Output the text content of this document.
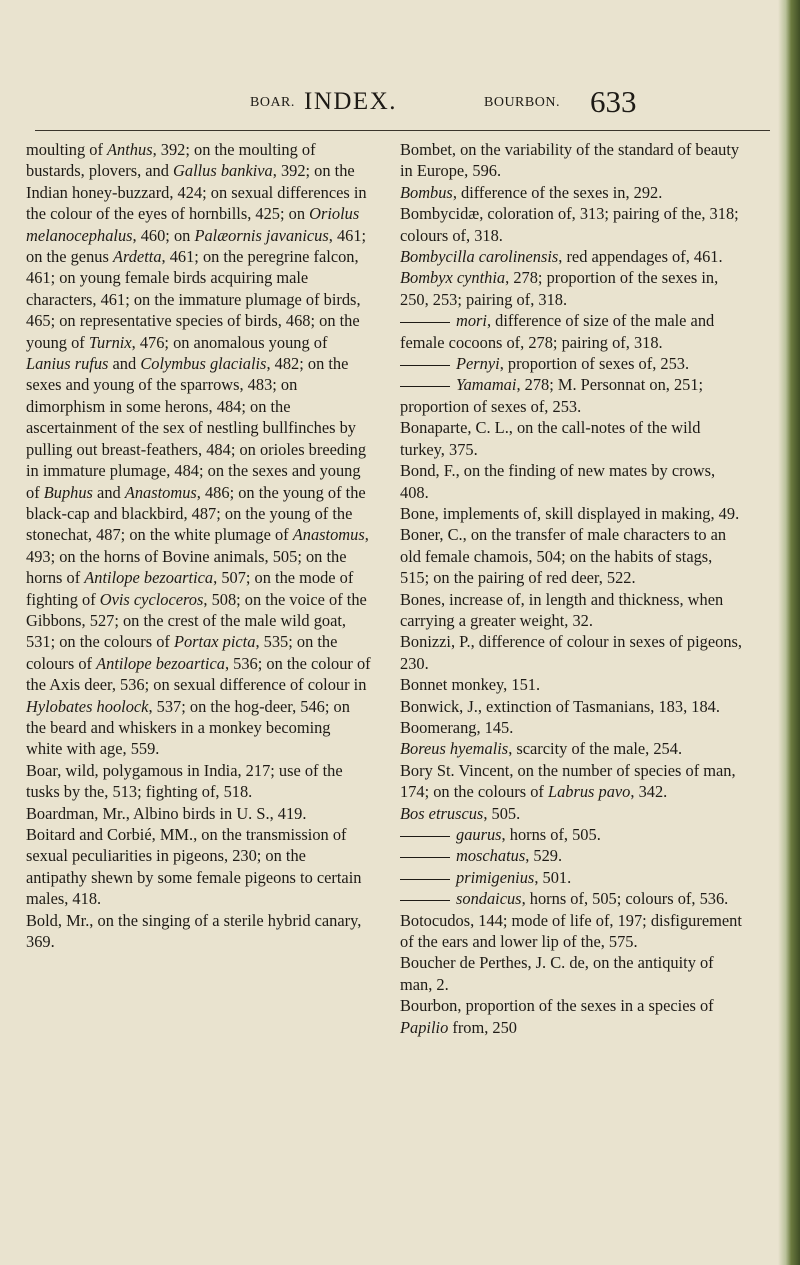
BOAR. INDEX.	BOURBON. 633
moulting of Anthus, 392; on the moulting of bustards, plovers, and Gallus bankiva, 392; on the Indian honey-buzzard, 424; on sexual differences in the colour of the eyes of hornbills, 425; on Oriolus melanocephalus, 460; on Palæornis javanicus, 461; on the genus Ardetta, 461; on the peregrine falcon, 461; on young female birds acquiring male characters, 461; on the immature plumage of birds, 465; on representative species of birds, 468; on the young of Turnix, 476; on anomalous young of Lanius rufus and Colymbus glacialis, 482; on the sexes and young of the sparrows, 483; on dimorphism in some herons, 484; on the ascertainment of the sex of nestling bullfinches by pulling out breast-feathers, 484; on orioles breeding in immature plumage, 484; on the sexes and young of Buphus and Anastomus, 486; on the young of the black-cap and blackbird, 487; on the young of the stonechat, 487; on the white plumage of Anastomus, 493; on the horns of Bovine animals, 505; on the horns of Antilope bezoartica, 507; on the mode of fighting of Ovis cycloceros, 508; on the voice of the Gibbons, 527; on the crest of the male wild goat, 531; on the colours of Portax picta, 535; on the colours of Antilope bezoartica, 536; on the colour of the Axis deer, 536; on sexual difference of colour in Hylobates hoolock, 537; on the hog-deer, 546; on the beard and whiskers in a monkey becoming white with age, 559.
Boar, wild, polygamous in India, 217; use of the tusks by the, 513; fighting of, 518.
Boardman, Mr., Albino birds in U. S., 419.
Boitard and Corbié, MM., on the transmission of sexual peculiarities in pigeons, 230; on the antipathy shewn by some female pigeons to certain males, 418.
Bold, Mr., on the singing of a sterile hybrid canary, 369.
Bombet, on the variability of the standard of beauty in Europe, 596.
Bombus, difference of the sexes in, 292.
Bombycidæ, coloration of, 313; pairing of the, 318; colours of, 318.
Bombycilla carolinensis, red appendages of, 461.
Bombyx cynthia, 278; proportion of the sexes in, 250, 253; pairing of, 318.
mori, difference of size of the male and female cocoons of, 278; pairing of, 318.
Pernyi, proportion of sexes of, 253.
Yamamai, 278; M. Personnat on, 251; proportion of sexes of, 253.
Bonaparte, C. L., on the call-notes of the wild turkey, 375.
Bond, F., on the finding of new mates by crows, 408.
Bone, implements of, skill displayed in making, 49.
Boner, C., on the transfer of male characters to an old female chamois, 504; on the habits of stags, 515; on the pairing of red deer, 522.
Bones, increase of, in length and thickness, when carrying a greater weight, 32.
Bonizzi, P., difference of colour in sexes of pigeons, 230.
Bonnet monkey, 151.
Bonwick, J., extinction of Tasmanians, 183, 184.
Boomerang, 145.
Boreus hyemalis, scarcity of the male, 254.
Bory St. Vincent, on the number of species of man, 174; on the colours of Labrus pavo, 342.
Bos etruscus, 505.
gaurus, horns of, 505.
moschatus, 529.
primigenius, 501.
sondaicus, horns of, 505; colours of, 536.
Botocudos, 144; mode of life of, 197; disfigurement of the ears and lower lip of the, 575.
Boucher de Perthes, J. C. de, on the antiquity of man, 2.
Bourbon, proportion of the sexes in a species of Papilio from, 250
